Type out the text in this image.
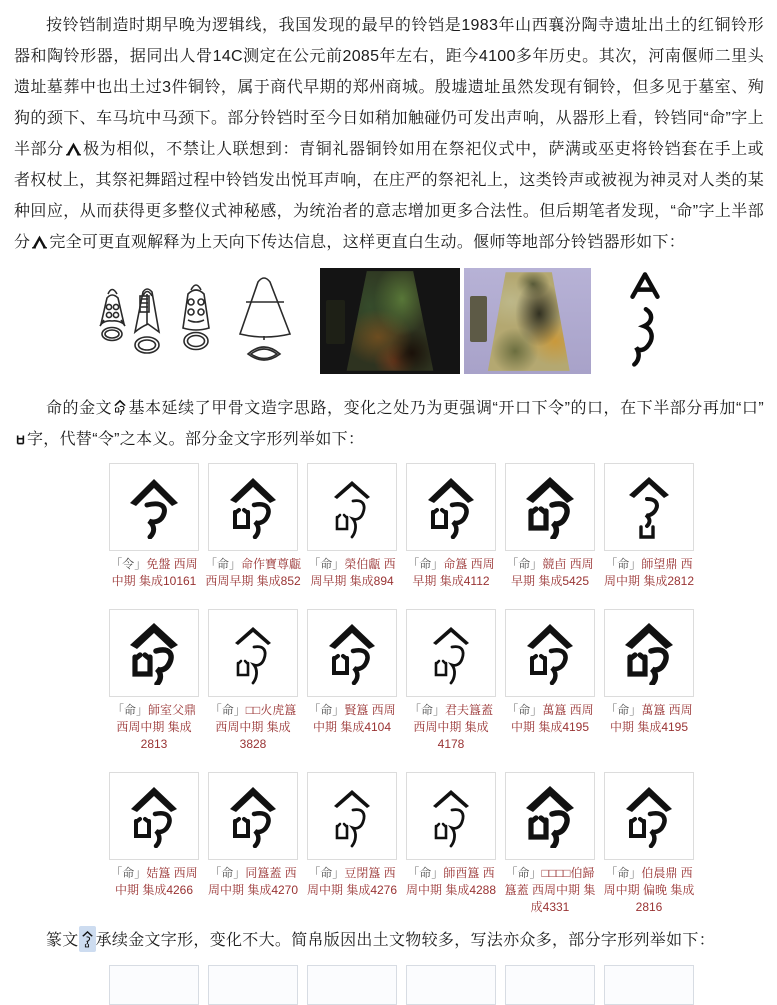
按铃铛制造时期早晚为逻辑线，我国发现的最早的铃铛是1983年山西襄汾陶寺遗址出土的红铜铃形器和陶铃形器，据同出人骨14C测定在公元前2085年左右，距今4100多年历史。其次，河南偃师二里头遗址墓葬中也出土过3件铜铃，属于商代早期的郑州商城。殷墟遗址虽然发现有铜铃，但多见于墓室、殉狗的颈下、车马坑中马颈下。部分铃铛时至今日如稍加触碰仍可发出声响，从器形上看，铃铛同“命”字上半部分 极为相似，不禁让人联想到：青铜礼器铜铃如用在祭祀仪式中，萨满或巫吏将铃铛套在手上或者权杖上，其祭祀舞蹈过程中铃铛发出悦耳声响，在庄严的祭祀礼上，这类铃声或被视为神灵对人类的某种回应，从而获得更多整仪式神秘感，为统治者的意志增加更多合法性。但后期笔者发现，“命”字上半部分 完全可更直观解释为上天向下传达信息，这样更直白生动。偃师等地部分铃铛器形如下：

命的金文 基本延续了甲骨文造字思路，变化之处乃为更强调“开口下令”的口，在下半部分再加“口”
字，代替“令”之本义。部分金文字形列举如下：

「令」免盤 西周中期 集成10161
「命」命作寶尊甗 西周早期 集成852
「命」榮伯甗 西周早期 集成894
「命」命簋 西周早期 集成4112
「命」競卣 西周早期 集成5425
「命」師望鼎 西周中期 集成2812
「命」師室父鼎 西周中期 集成2813
「命」□□火虎簋 西周中期 集成3828
「命」賢簋 西周中期 集成4104
「命」君夫簋蓋 西周中期 集成4178
「命」萬簋 西周中期 集成4195
「命」萬簋 西周中期 集成4195
「命」姞簋 西周中期 集成4266
「命」同簋蓋 西周中期 集成4270
「命」豆閉簋 西周中期 集成4276
「命」師酉簋 西周中期 集成4288
「命」□□□□伯歸簋蓋 西周中期 集成4331
「命」伯晨鼎 西周中期 偏晚 集成2816

篆文 承续金文字形，变化不大。简帛版因出土文物较多，写法亦众多，部分字形列举如下：
